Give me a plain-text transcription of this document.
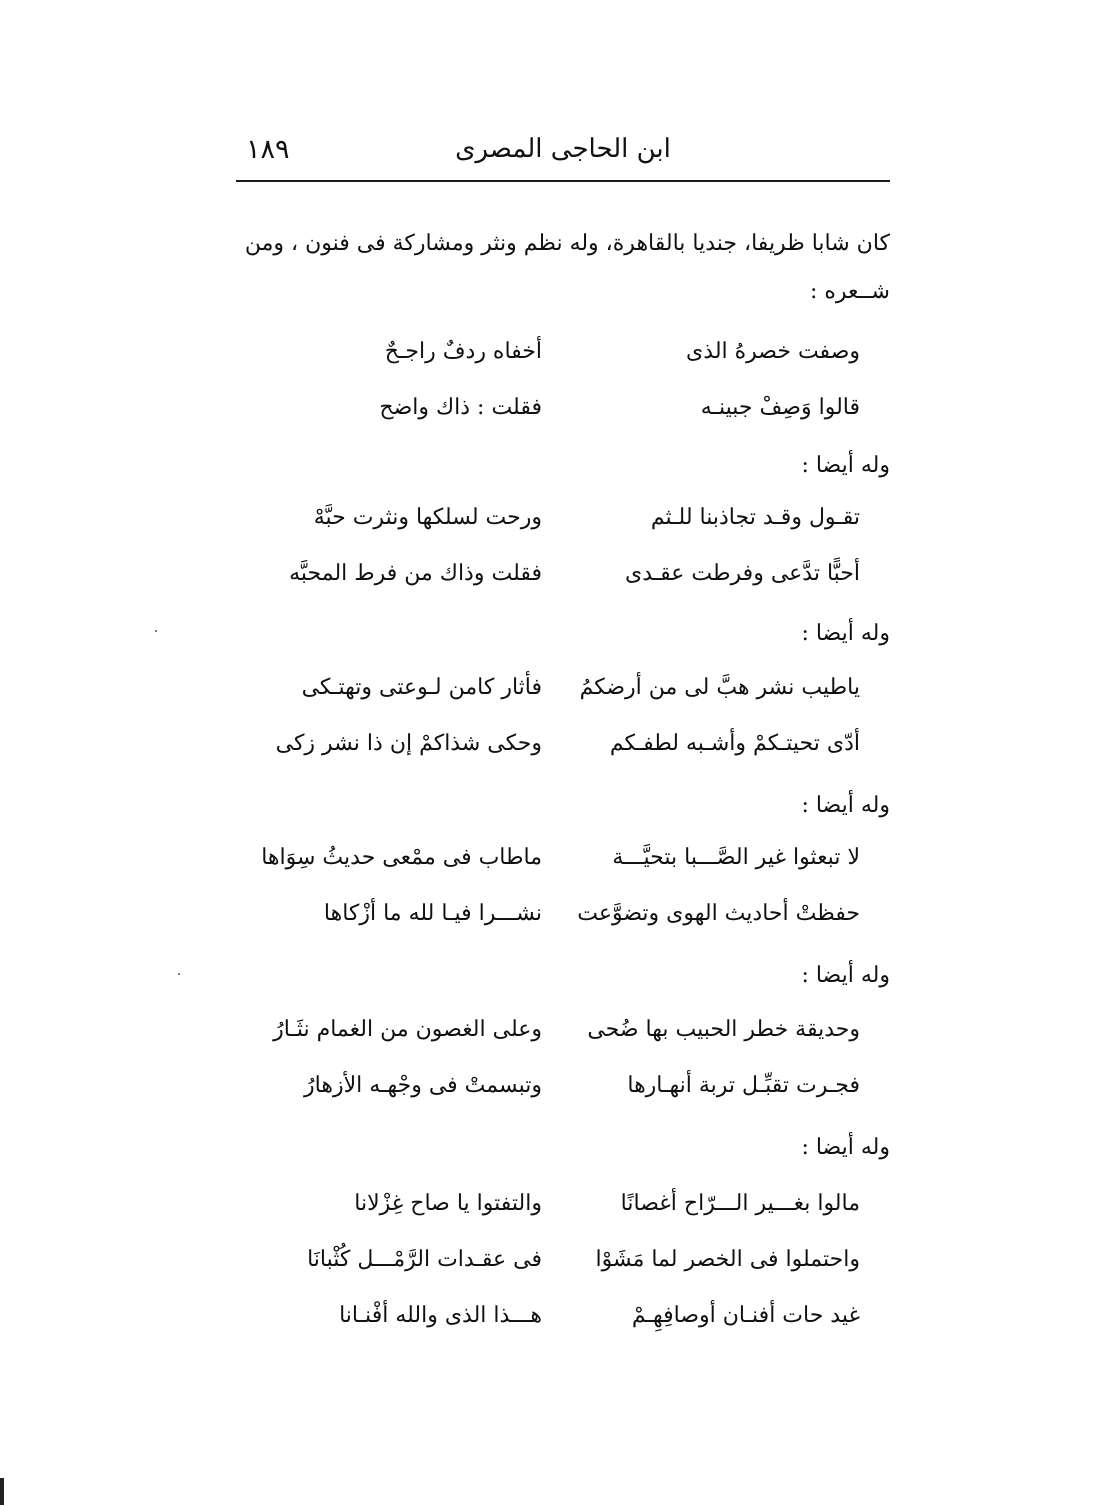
ابن الحاجى المصرى
١٨٩
كان شابا ظريفا، جنديا بالقاهرة، وله نظم ونثر ومشاركة فى فنون ، ومن
شــعره :
وصفت خصرهُ الذى
أخفاه ردفٌ راجـحٌ
قالوا وَصِفْ جبينـه
فقلت : ذاك واضح
وله أيضا :
تقـول وقـد تجاذبنا للـثم
ورحت لسلكها ونثرت حبَّهْ
أحبًّا تدَّعى وفرطت عقـدى
فقلت وذاك من فرط المحبَّه
وله أيضا :
ياطيب نشر هبَّ لى من أرضكمُ
فأثار كامن لـوعتى وتهتـكى
أدّى تحيتـكمْ وأشـبه لطفـكم
وحكى شذاكمْ إن ذا نشر زكى
وله أيضا :
لا تبعثوا غير الصَّـــبا بتحيَّـــة
ماطاب فى ممْعى حديثُ سِوَاها
حفظتْ أحاديث الهوى وتضوَّعت
نشـــرا فيـا لله ما أزْكاها
وله أيضا :
وحديقة خطر الحبيب بها ضُحى
وعلى الغصون من الغمام نثَـارُ
فجـرت تقبِّـل تربة أنهـارها
وتبسمتْ فى وجْهـه الأزهارُ
وله أيضا :
مالوا بغـــير الـــرّاح أغصانًا
والتفتوا يا صاح غِزْلانا
واحتملوا فى الخصر لما مَشَوْا
فى عقـدات الرَّمْـــل كُثْبانَا
غيد حات أفنـان أوصافِهِـمْ
هـــذا الذى والله أفْنـانا
